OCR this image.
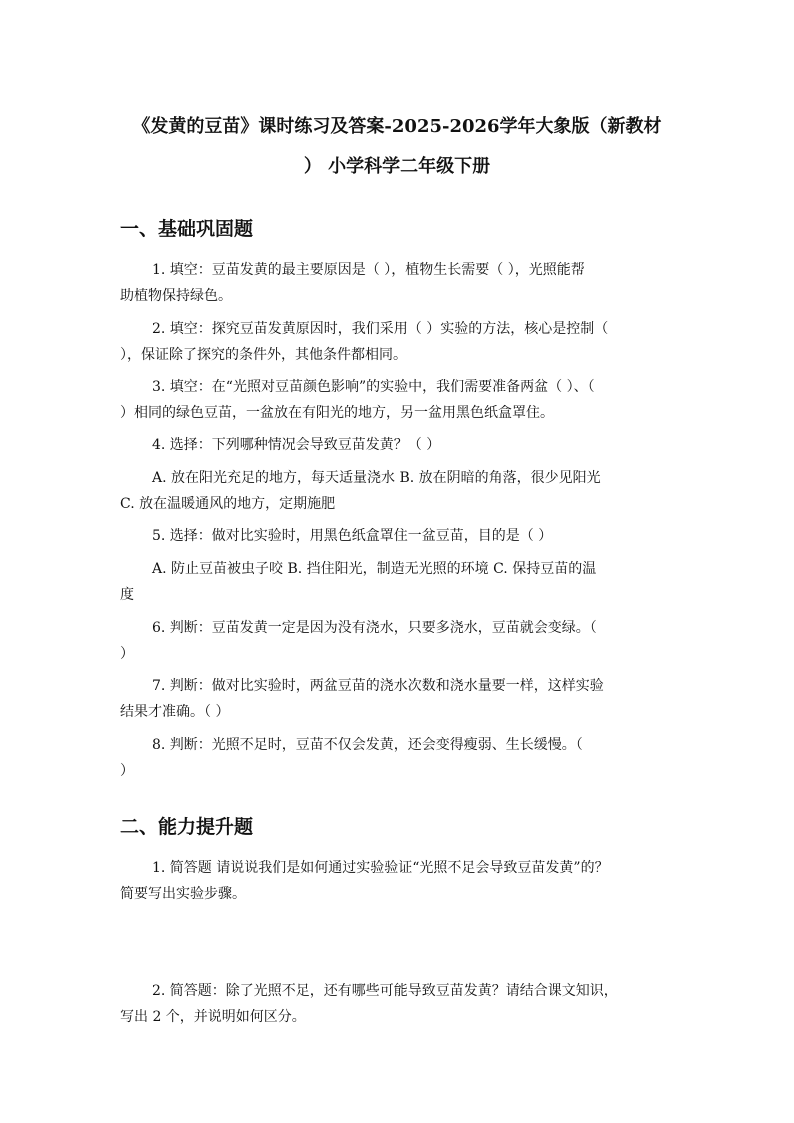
《发黄的豆苗》课时练习及答案-2025-2026学年大象版（新教材
） 小学科学二年级下册
一、基础巩固题
1. 填空：豆苗发黄的最主要原因是（ ），植物生长需要（ ），光照能帮
助植物保持绿色。
2. 填空：探究豆苗发黄原因时，我们采用（ ）实验的方法，核心是控制（
），保证除了探究的条件外，其他条件都相同。
3. 填空：在“光照对豆苗颜色影响”的实验中，我们需要准备两盆（ ）、（
）相同的绿色豆苗，一盆放在有阳光的地方，另一盆用黑色纸盒罩住。
4. 选择：下列哪种情况会导致豆苗发黄？（ ）
A. 放在阳光充足的地方，每天适量浇水 B. 放在阴暗的角落，很少见阳光
C. 放在温暖通风的地方，定期施肥
5. 选择：做对比实验时，用黑色纸盒罩住一盆豆苗，目的是（ ）
A. 防止豆苗被虫子咬 B. 挡住阳光，制造无光照的环境 C. 保持豆苗的温
度
6. 判断：豆苗发黄一定是因为没有浇水，只要多浇水，豆苗就会变绿。（
）
7. 判断：做对比实验时，两盆豆苗的浇水次数和浇水量要一样，这样实验
结果才准确。（ ）
8. 判断：光照不足时，豆苗不仅会发黄，还会变得瘦弱、生长缓慢。（
）
二、能力提升题
1. 简答题 请说说我们是如何通过实验验证“光照不足会导致豆苗发黄”的？
简要写出实验步骤。
2. 简答题：除了光照不足，还有哪些可能导致豆苗发黄？请结合课文知识，
写出 2 个，并说明如何区分。
